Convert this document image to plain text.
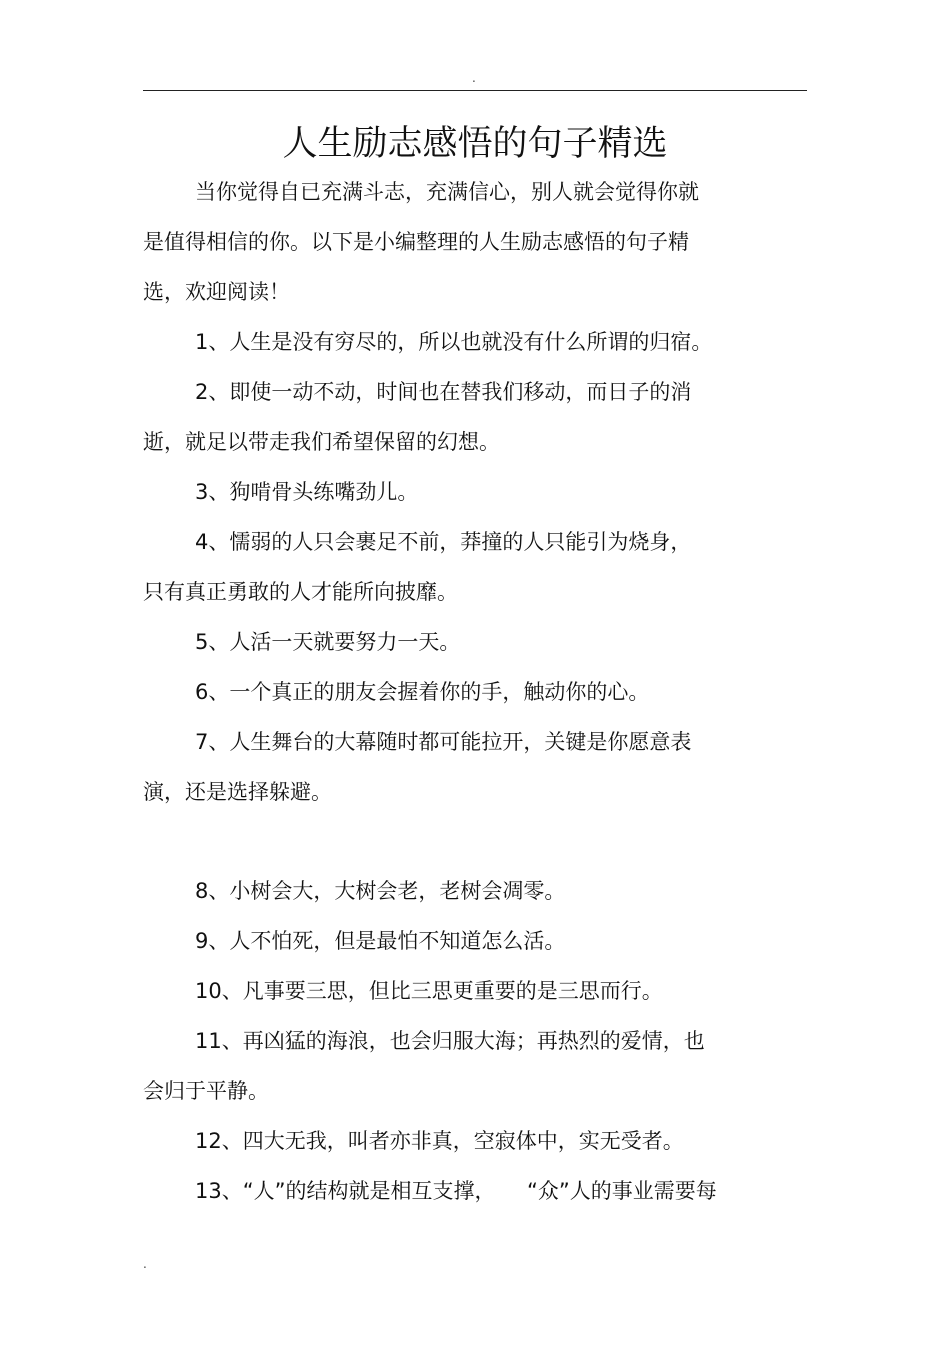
.
人生励志感悟的句子精选
当你觉得自已充满斗志，充满信心，别人就会觉得你就
是值得相信的你。以下是小编整理的人生励志感悟的句子精
选，欢迎阅读！
1、人生是没有穷尽的，所以也就没有什么所谓的归宿。
2、即使一动不动，时间也在替我们移动，而日子的消
逝，就足以带走我们希望保留的幻想。
3、狗啃骨头练嘴劲儿。
4、懦弱的人只会裹足不前，莽撞的人只能引为烧身，
只有真正勇敢的人才能所向披靡。
5、人活一天就要努力一天。
6、一个真正的朋友会握着你的手，触动你的心。
7、人生舞台的大幕随时都可能拉开，关键是你愿意表
演，还是选择躲避。
8、小树会大，大树会老，老树会凋零。
9、人不怕死，但是最怕不知道怎么活。
10、凡事要三思，但比三思更重要的是三思而行。
11、再凶猛的海浪，也会归服大海；再热烈的爱情，也
会归于平静。
12、四大无我，叫者亦非真，空寂体中，实无受者。
13、“人”的结构就是相互支撑，　　“众”人的事业需要每
.
